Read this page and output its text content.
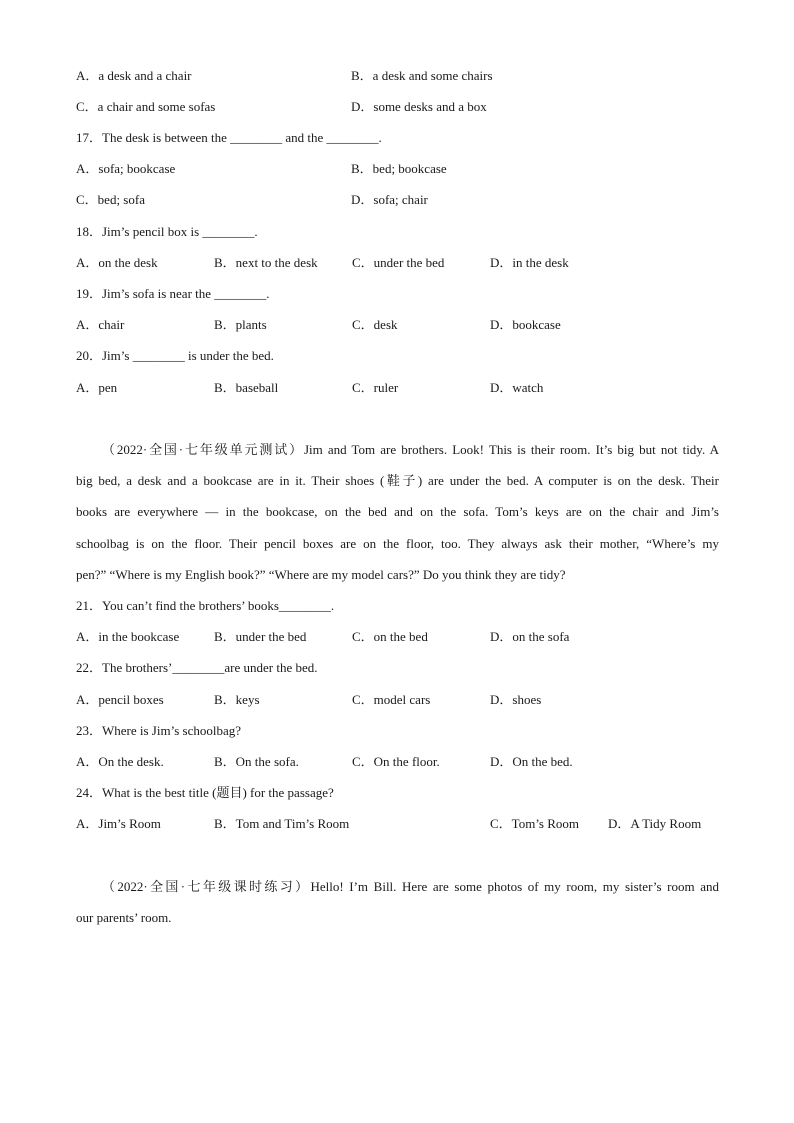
A．a desk and a chair	B．a desk and some chairs
C．a chair and some sofas	D．some desks and a box
17．The desk is between the ________ and the ________.
A．sofa; bookcase	B．bed; bookcase
C．bed; sofa	D．sofa; chair
18．Jim’s pencil box is ________.
A．on the desk	B．next to the desk	C．under the bed	D．in the desk
19．Jim’s sofa is near the ________.
A．chair	B．plants	C．desk	D．bookcase
20．Jim’s ________ is under the bed.
A．pen	B．baseball	C．ruler	D．watch
（2022·全国·七年级单元测试）Jim and Tom are brothers. Look! This is their room. It’s big but not tidy. A
big bed, a desk and a bookcase are in it. Their shoes (鞋子) are under the bed. A computer is on the desk. Their
books are everywhere — in the bookcase, on the bed and on the sofa. Tom’s keys are on the chair and Jim’s
schoolbag is on the floor. Their pencil boxes are on the floor, too. They always ask their mother, “Where’s my
pen?” “Where is my English book?” “Where are my model cars?” Do you think they are tidy?
21．You can’t find the brothers’ books________.
A．in the bookcase	B．under the bed	C．on the bed	D．on the sofa
22．The brothers’________are under the bed.
A．pencil boxes	B．keys	C．model cars	D．shoes
23．Where is Jim’s schoolbag?
A．On the desk.	B．On the sofa.	C．On the floor.	D．On the bed.
24．What is the best title (题目) for the passage?
A．Jim’s Room	B．Tom and Tim’s Room	C．Tom’s Room D．A Tidy Room
（2022·全国·七年级课时练习）Hello! I’m Bill. Here are some photos of my room, my sister’s room and
our parents’ room.
